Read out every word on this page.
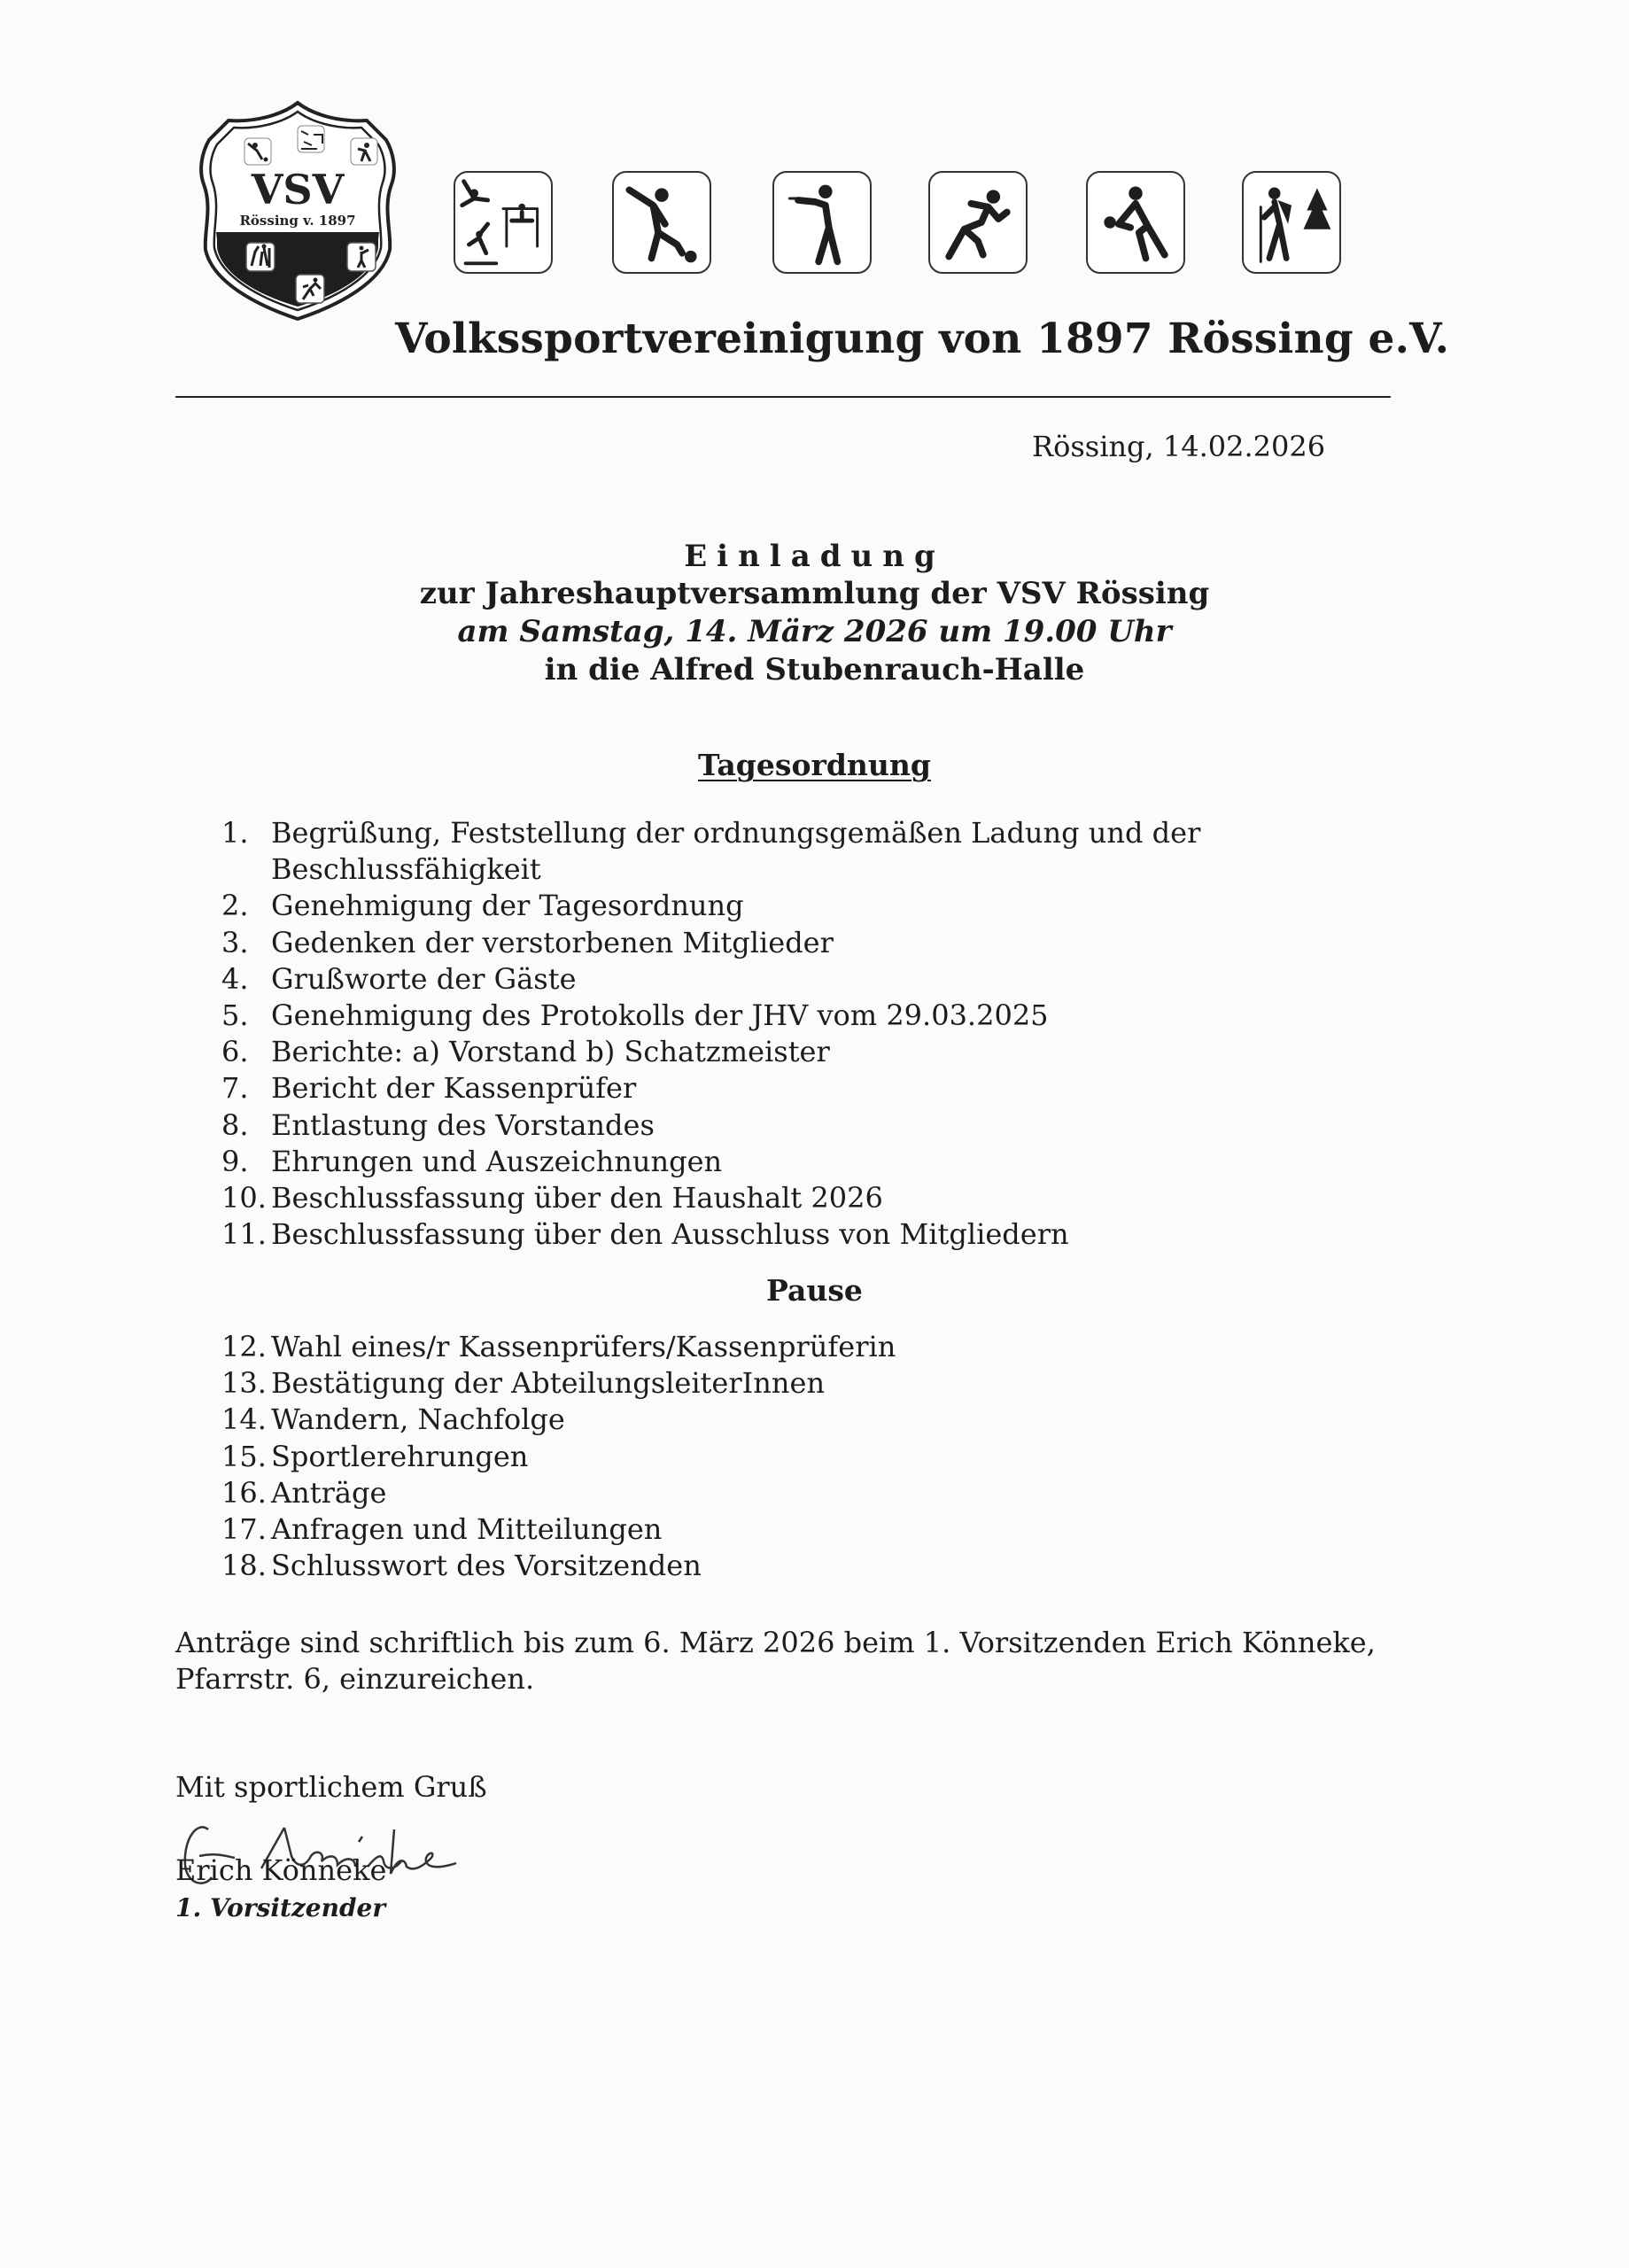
VSV
Rössing v. 1897
Volkssportvereinigung von 1897 Rössing e.V.
Rössing, 14.02.2026
Einladung
zur Jahreshauptversammlung der VSV Rössing
am Samstag, 14. März 2026 um 19.00 Uhr
in die Alfred Stubenrauch-Halle
Tagesordnung
1. Begrüßung, Feststellung der ordnungsgemäßen Ladung und der
Beschlussfähigkeit
2. Genehmigung der Tagesordnung
3. Gedenken der verstorbenen Mitglieder
4. Grußworte der Gäste
5. Genehmigung des Protokolls der JHV vom 29.03.2025
6. Berichte: a) Vorstand b) Schatzmeister
7. Bericht der Kassenprüfer
8. Entlastung des Vorstandes
9. Ehrungen und Auszeichnungen
10. Beschlussfassung über den Haushalt 2026
11. Beschlussfassung über den Ausschluss von Mitgliedern
Pause
12. Wahl eines/r Kassenprüfers/Kassenprüferin
13. Bestätigung der AbteilungsleiterInnen
14. Wandern, Nachfolge
15. Sportlerehrungen
16. Anträge
17. Anfragen und Mitteilungen
18. Schlusswort des Vorsitzenden
Anträge sind schriftlich bis zum 6. März 2026 beim 1. Vorsitzenden Erich Könneke,
Pfarrstr. 6, einzureichen.
Mit sportlichem Gruß
Erich Könneke
1. Vorsitzender
